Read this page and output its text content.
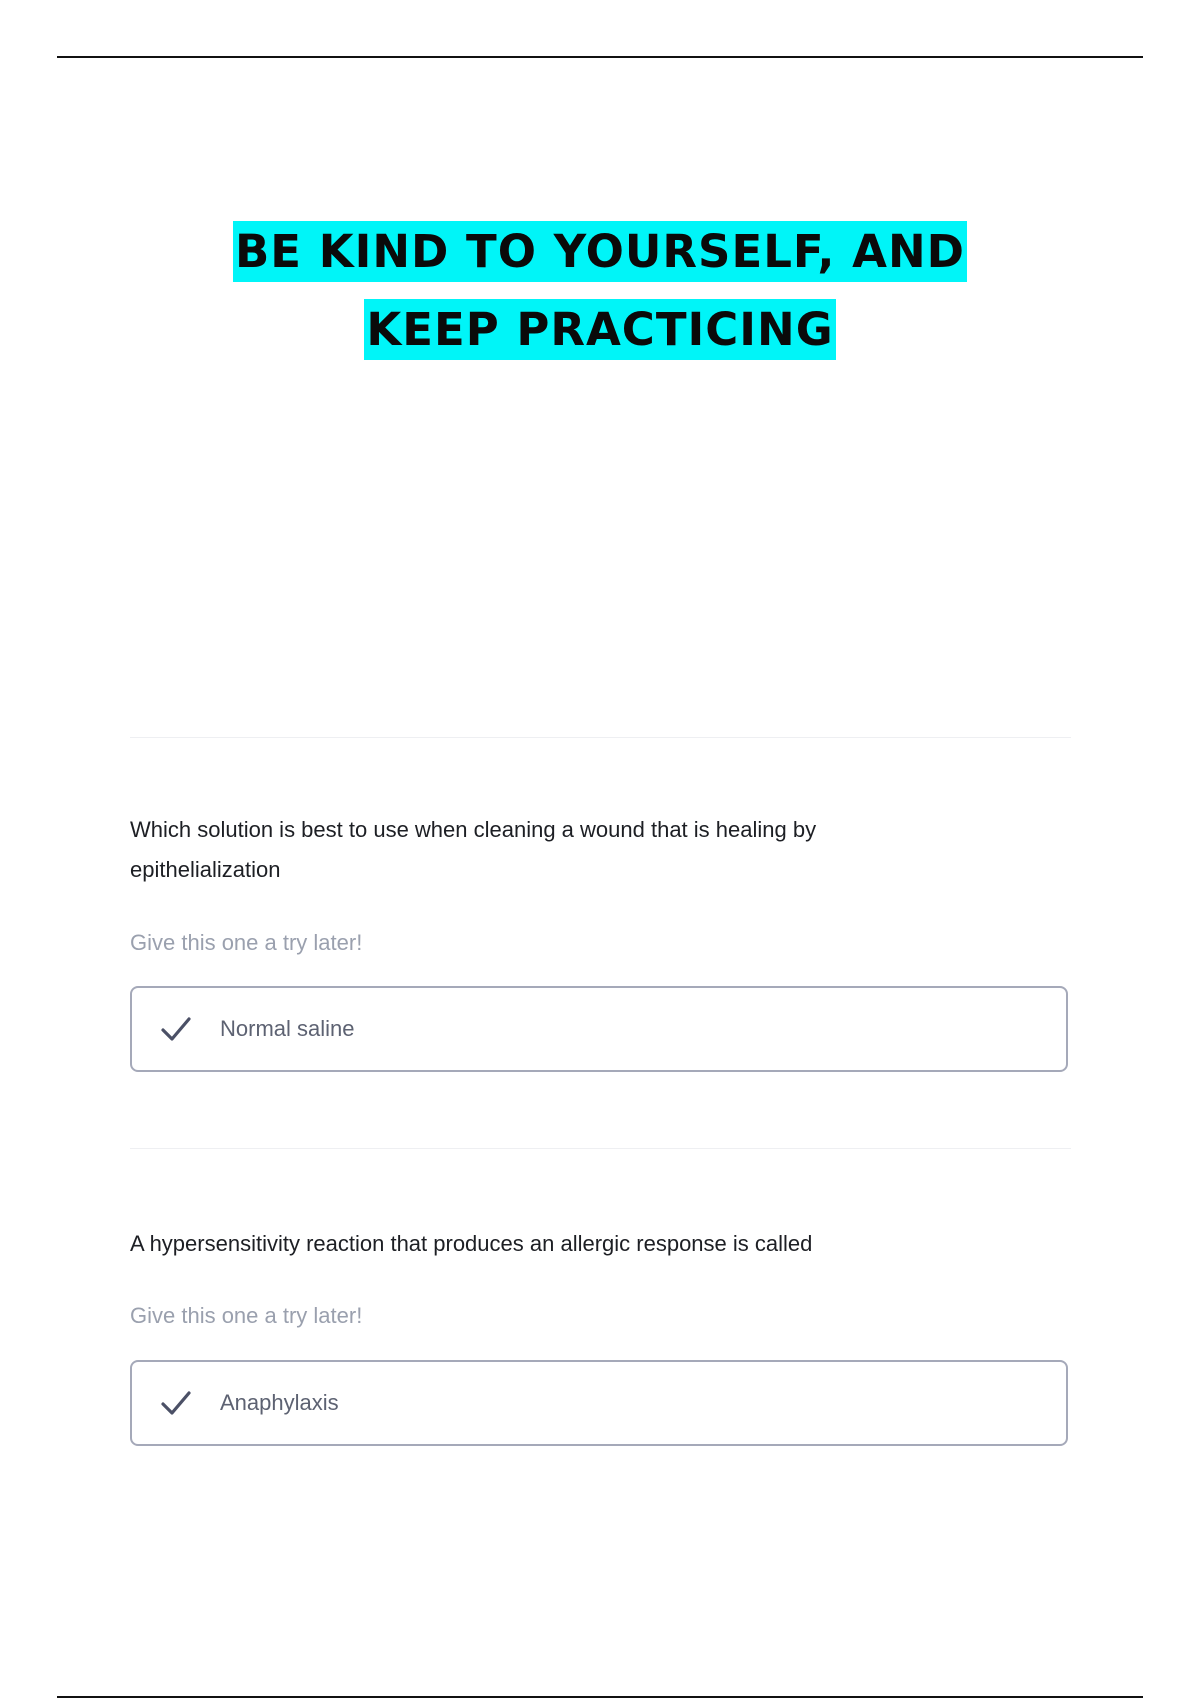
BE KIND TO YOURSELF, AND
KEEP PRACTICING
Which solution is best to use when cleaning a wound that is healing by epithelialization
Give this one a try later!
Normal saline
A hypersensitivity reaction that produces an allergic response is called
Give this one a try later!
Anaphylaxis
